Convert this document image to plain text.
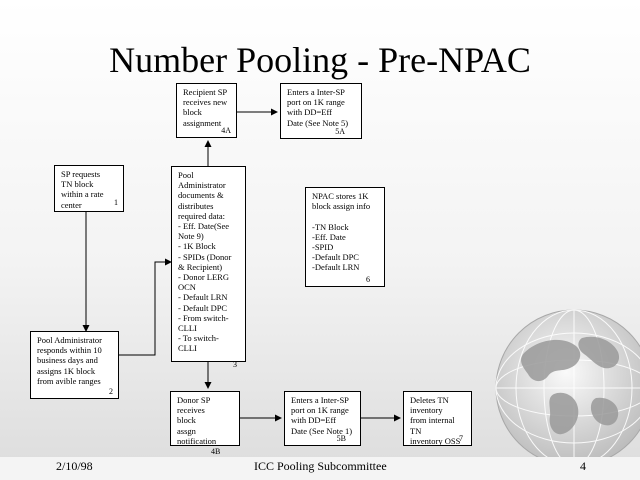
Number Pooling - Pre-NPAC
SP requests
TN block
within a rate
center	1
Pool Administrator
responds within 10
business days and
assigns 1K block
from avible ranges
2
Pool
Administrator
documents &
distributes
required data:
- Eff. Date(See
Note 9)
- 1K Block
- SPIDs (Donor
& Recipient)
- Donor LERG
OCN
- Default LRN
- Default DPC
- From switch-
CLLI
- To switch-
CLLI
3
Recipient SP
receives new
block
assignment
4A
Enters a Inter-SP
port on 1K range
with DD=Eff
Date (See Note 5)
5A
NPAC stores 1K
block assign info

-TN Block
-Eff. Date
-SPID
-Default DPC
-Default LRN
6
Donor SP
receives
block
assgn
notification
4B
Enters a Inter-SP
port on 1K range
with DD=Eff
Date (See Note 1)
5B
Deletes TN
inventory
from internal TN
inventory OSS
7
2/10/98	ICC Pooling Subcommittee	4
